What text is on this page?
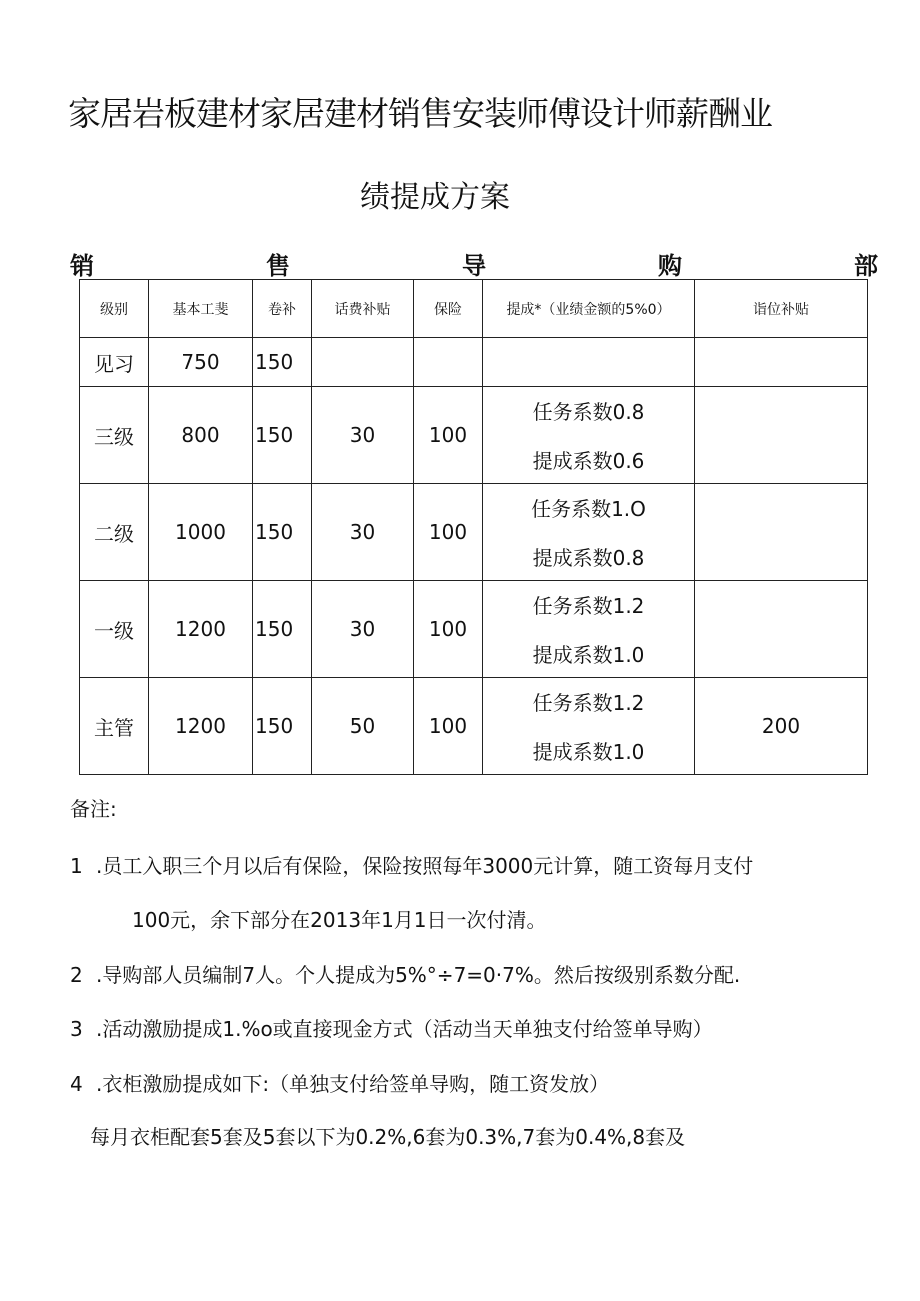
家居岩板建材家居建材销售安装师傅设计师薪酬业
绩提成方案
销	售	导	购	部
级别	基本工斐	卷补	话费补贴	保险	提成*（业绩金额的5%0）	诣位补贴
见习	750	150				
三级	800	150	30	100	任务系数0.8
提成系数0.6	

二级	1000	150	30	100	任务系数1.O
提成系数0.8	

一级	1200	150	30	100	任务系数1.2
提成系数1.0	

主管	1200	150	50	100	任务系数1.2
提成系数1.0	200
备注:
1 .员工入职三个月以后有保险，保险按照每年3000元计算，随工资每月支付
100元，余下部分在2013年1月1日一次付清。
2 .导购部人员编制7人。个人提成为5%°÷7=0·7%。然后按级别系数分配.
3 .活动激励提成1.%o或直接现金方式（活动当天单独支付给签单导购）
4 .衣柜激励提成如下:（单独支付给签单导购，随工资发放）
每月衣柜配套5套及5套以下为0.2%,6套为0.3%,7套为0.4%,8套及
